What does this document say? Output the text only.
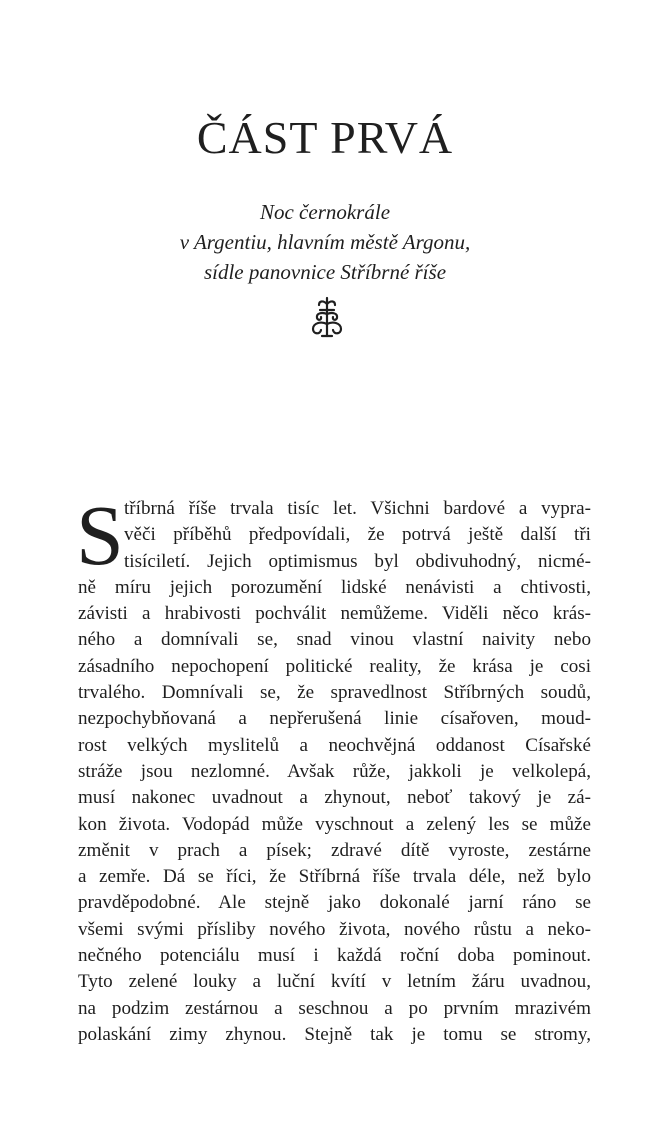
ČÁST PRVÁ
Noc černokrále
v Argentiu, hlavním městě Argonu,
sídle panovnice Stříbrné říše
S tříbrná říše trvala tisíc let. Všichni bardové a vypra-
věči příběhů předpovídali, že potrvá ještě další tři
tisíciletí. Jejich optimismus byl obdivuhodný, nicmé-
ně míru jejich porozumění lidské nenávisti a chtivosti,
závisti a hrabivosti pochválit nemůžeme. Viděli něco krás-
ného a domnívali se, snad vinou vlastní naivity nebo
zásadního nepochopení politické reality, že krása je cosi
trvalého. Domnívali se, že spravedlnost Stříbrných soudů,
nezpochybňovaná a nepřerušená linie císařoven, moud-
rost velkých myslitelů a neochvějná oddanost Císařské
stráže jsou nezlomné. Avšak růže, jakkoli je velkolepá,
musí nakonec uvadnout a zhynout, neboť takový je zá-
kon života. Vodopád může vyschnout a zelený les se může
změnit v prach a písek; zdravé dítě vyroste, zestárne
a zemře. Dá se říci, že Stříbrná říše trvala déle, než bylo
pravděpodobné. Ale stejně jako dokonalé jarní ráno se
všemi svými přísliby nového života, nového růstu a neko-
nečného potenciálu musí i každá roční doba pominout.
Tyto zelené louky a luční kvítí v letním žáru uvadnou,
na podzim zestárnou a seschnou a po prvním mrazivém
polaskání zimy zhynou. Stejně tak je tomu se stromy,
